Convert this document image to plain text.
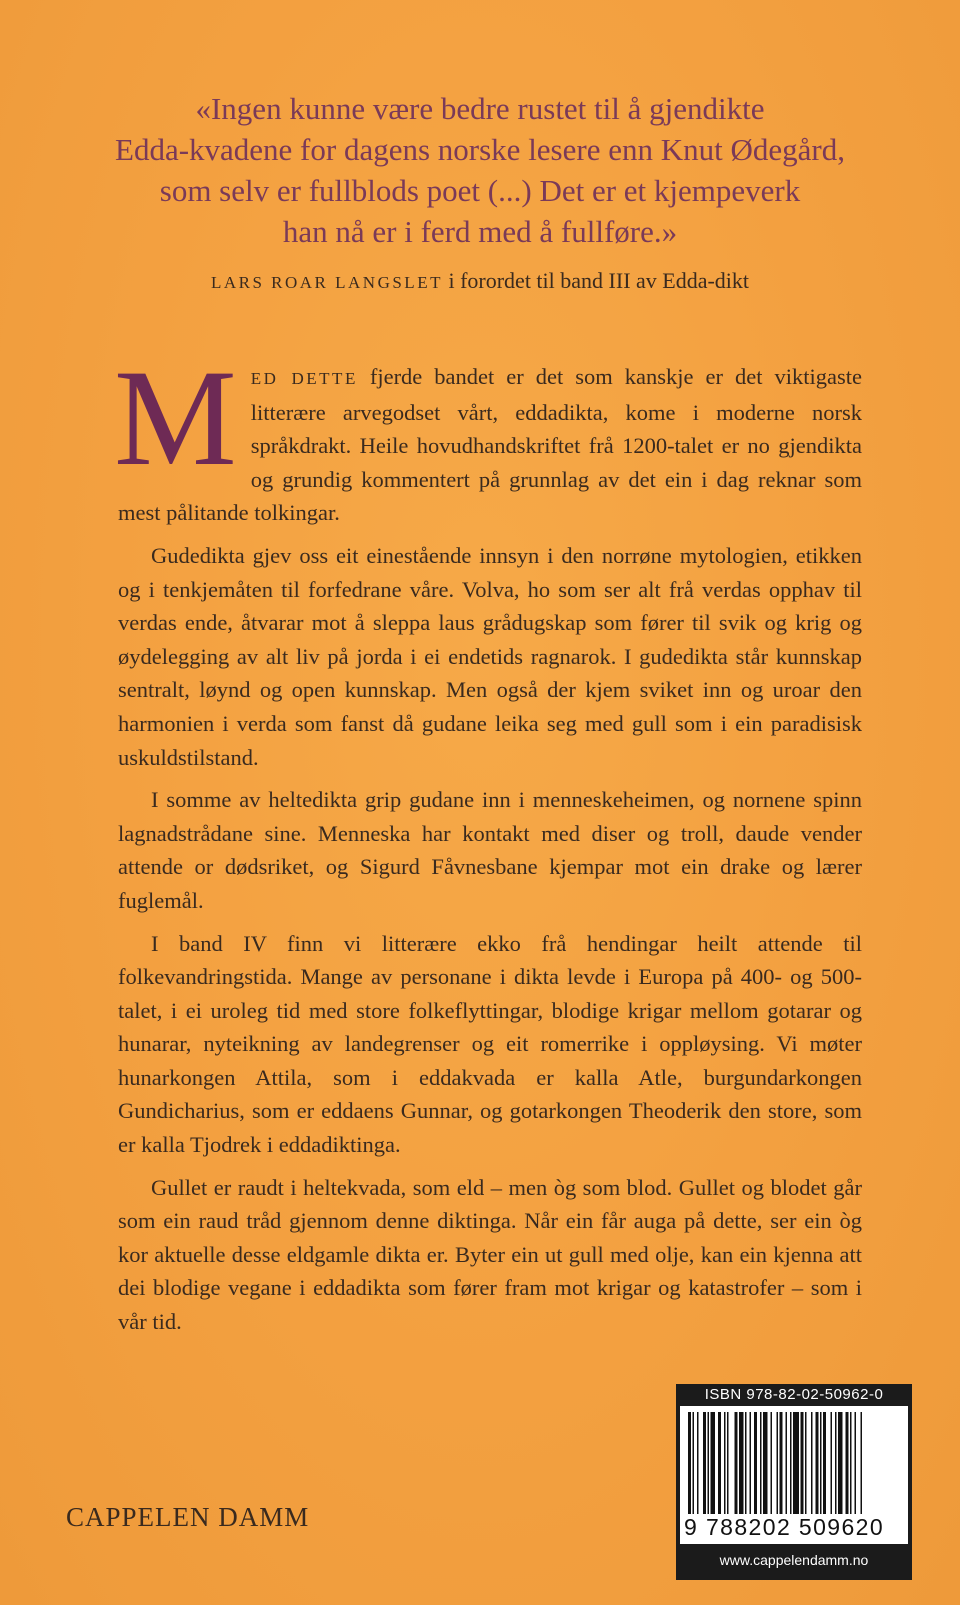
«Ingen kunne være bedre rustet til å gjendikte
Edda-kvadene for dagens norske lesere enn Knut Ødegård,
som selv er fullblods poet (...) Det er et kjempeverk
han nå er i ferd med å fullføre.»
LARS ROAR LANGSLET i forordet til band III av Edda-dikt

MED DETTE fjerde bandet er det som kanskje er det viktigaste litterære arvegodset vårt, eddadikta, kome i moderne norsk språkdrakt. Heile hovudhandskriftet frå 1200-talet er no gjendikta og grundig kommentert på grunnlag av det ein i dag reknar som mest pålitande tolkingar.

Gudedikta gjev oss eit einestående innsyn i den norrøne mytologien, etikken og i tenkjemåten til forfedrane våre. Volva, ho som ser alt frå verdas opphav til verdas ende, åtvarar mot å sleppa laus grådugskap som fører til svik og krig og øydelegging av alt liv på jorda i ei endetids ragnarok. I gudedikta står kunnskap sentralt, løynd og open kunnskap. Men også der kjem sviket inn og uroar den harmonien i verda som fanst då gudane leika seg med gull som i ein paradisisk uskuldstilstand.

I somme av heltedikta grip gudane inn i menneskeheimen, og nornene spinn lagnadstrådane sine. Menneska har kontakt med diser og troll, daude vender attende or dødsriket, og Sigurd Fåvnesbane kjempar mot ein drake og lærer fuglemål.

I band IV finn vi litterære ekko frå hendingar heilt attende til folkevandringstida. Mange av personane i dikta levde i Europa på 400- og 500-talet, i ei uroleg tid med store folkeflyttingar, blodige krigar mellom gotarar og hunarar, nyteikning av landegrenser og eit romerrike i oppløysing. Vi møter hunarkongen Attila, som i eddakvada er kalla Atle, burgundarkongen Gundicharius, som er eddaens Gunnar, og gotarkongen Theoderik den store, som er kalla Tjodrek i eddadiktinga.

Gullet er raudt i heltekvada, som eld – men òg som blod. Gullet og blodet går som ein raud tråd gjennom denne diktinga. Når ein får auga på dette, ser ein òg kor aktuelle desse eldgamle dikta er. Byter ein ut gull med olje, kan ein kjenna att dei blodige vegane i eddadikta som fører fram mot krigar og katastrofer – som i vår tid.

CAPPELEN DAMM
ISBN 978-82-02-50962-0
9 788202 509620
www.cappelendamm.no
